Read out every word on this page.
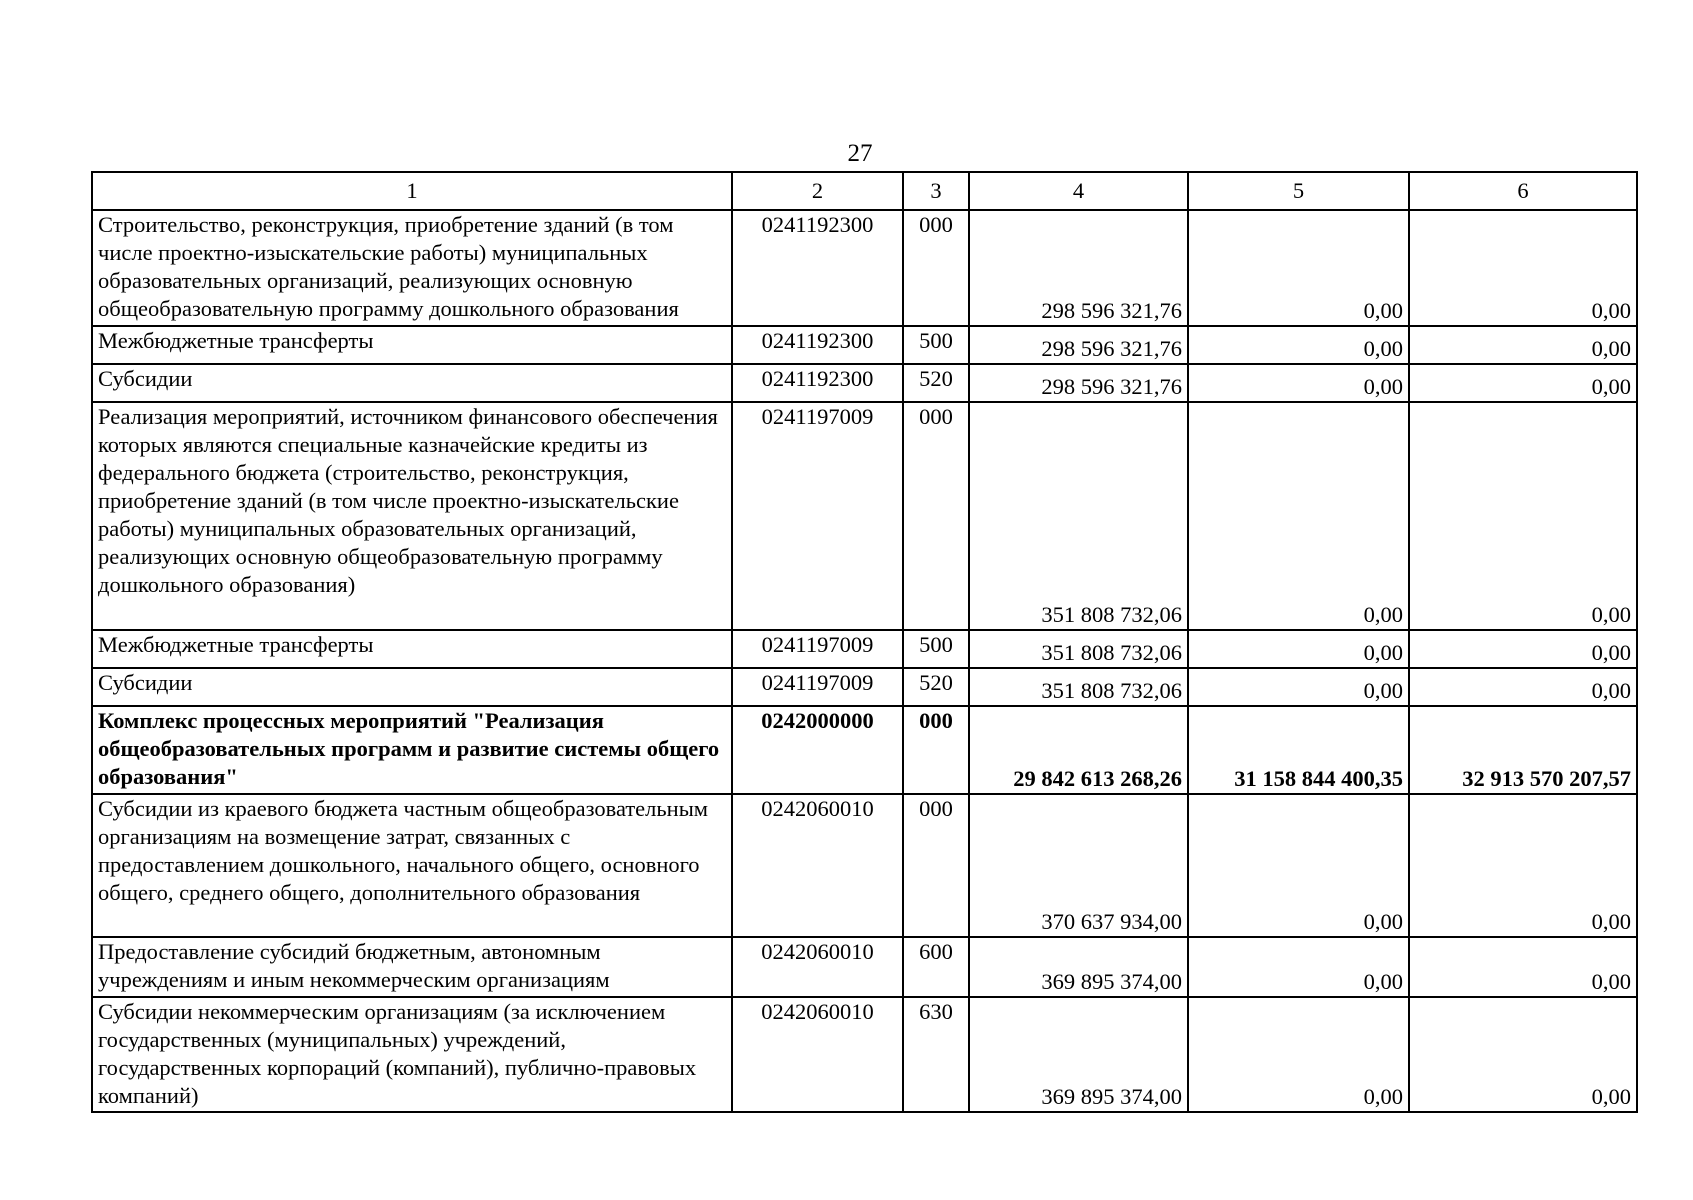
27
1	2	3	4	5	6
Строительство, реконструкция, приобретение зданий (в том числе проектно-изыскательские работы) муниципальных образовательных организаций, реализующих основную общеобразовательную программу дошкольного образования	0241192300	000	298 596 321,76	0,00	0,00
Межбюджетные трансферты	0241192300	500	298 596 321,76	0,00	0,00
Субсидии	0241192300	520	298 596 321,76	0,00	0,00
Реализация мероприятий, источником финансового обеспечения которых являются специальные казначейские кредиты из федерального бюджета (строительство, реконструкция, приобретение зданий (в том числе проектно-изыскательские работы) муниципальных образовательных организаций, реализующих основную общеобразовательную программу дошкольного образования)	0241197009	000	351 808 732,06	0,00	0,00
Межбюджетные трансферты	0241197009	500	351 808 732,06	0,00	0,00
Субсидии	0241197009	520	351 808 732,06	0,00	0,00
Комплекс процессных мероприятий "Реализация общеобразовательных программ и развитие системы общего образования"	0242000000	000	29 842 613 268,26	31 158 844 400,35	32 913 570 207,57
Субсидии из краевого бюджета частным общеобразовательным организациям на возмещение затрат, связанных с предоставлением дошкольного, начального общего, основного общего, среднего общего, дополнительного образования	0242060010	000	370 637 934,00	0,00	0,00
Предоставление субсидий бюджетным, автономным учреждениям и иным некоммерческим организациям	0242060010	600	369 895 374,00	0,00	0,00
Субсидии некоммерческим организациям (за исключением государственных (муниципальных) учреждений, государственных корпораций (компаний), публично-правовых компаний)	0242060010	630	369 895 374,00	0,00	0,00
